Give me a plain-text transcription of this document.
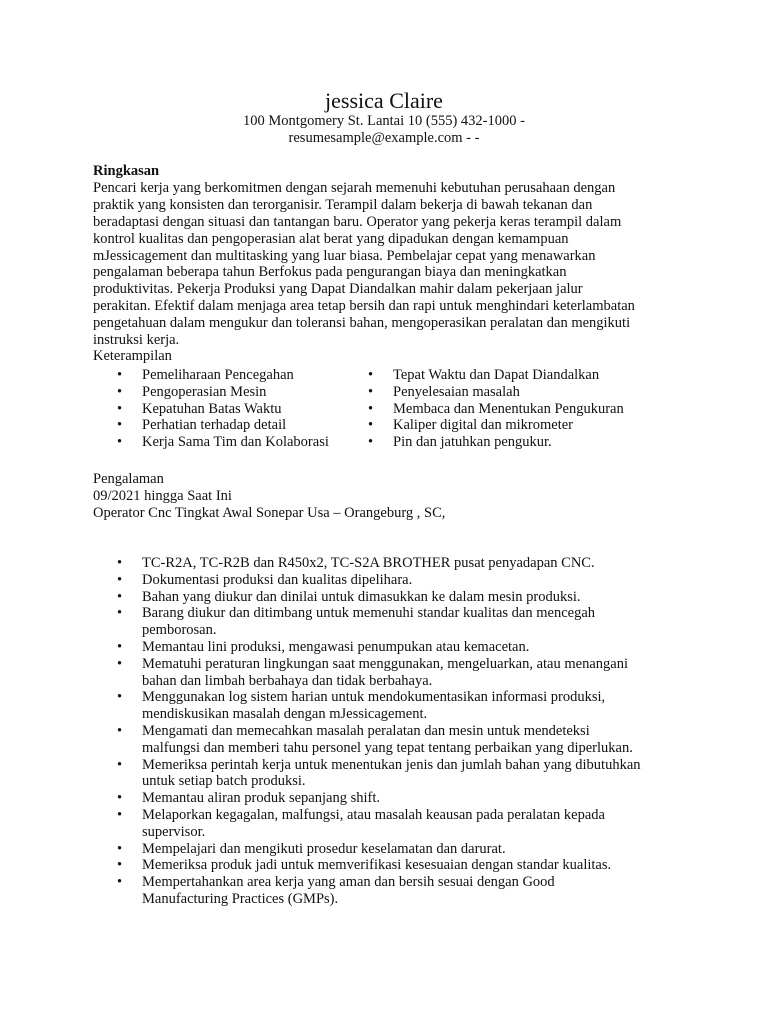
jessica Claire
100 Montgomery St. Lantai 10 (555) 432-1000 -
resumesample@example.com - -
Ringkasan
Pencari kerja yang berkomitmen dengan sejarah memenuhi kebutuhan perusahaan dengan
praktik yang konsisten dan terorganisir. Terampil dalam bekerja di bawah tekanan dan
beradaptasi dengan situasi dan tantangan baru. Operator yang pekerja keras terampil dalam
kontrol kualitas dan pengoperasian alat berat yang dipadukan dengan kemampuan
mJessicagement dan multitasking yang luar biasa. Pembelajar cepat yang menawarkan
pengalaman beberapa tahun Berfokus pada pengurangan biaya dan meningkatkan
produktivitas. Pekerja Produksi yang Dapat Diandalkan mahir dalam pekerjaan jalur
perakitan. Efektif dalam menjaga area tetap bersih dan rapi untuk menghindari keterlambatan
pengetahuan dalam mengukur dan toleransi bahan, mengoperasikan peralatan dan mengikuti
instruksi kerja.
Keterampilan
• Pemeliharaan Pencegahan
• Pengoperasian Mesin
• Kepatuhan Batas Waktu
• Perhatian terhadap detail
• Kerja Sama Tim dan Kolaborasi
• Tepat Waktu dan Dapat Diandalkan
• Penyelesaian masalah
• Membaca dan Menentukan Pengukuran
• Kaliper digital dan mikrometer
• Pin dan jatuhkan pengukur.
Pengalaman
09/2021 hingga Saat Ini
Operator Cnc Tingkat Awal Sonepar Usa – Orangeburg , SC,
• TC-R2A, TC-R2B dan R450x2, TC-S2A BROTHER pusat penyadapan CNC.
• Dokumentasi produksi dan kualitas dipelihara.
• Bahan yang diukur dan dinilai untuk dimasukkan ke dalam mesin produksi.
• Barang diukur dan ditimbang untuk memenuhi standar kualitas dan mencegah
pemborosan.
• Memantau lini produksi, mengawasi penumpukan atau kemacetan.
• Mematuhi peraturan lingkungan saat menggunakan, mengeluarkan, atau menangani
bahan dan limbah berbahaya dan tidak berbahaya.
• Menggunakan log sistem harian untuk mendokumentasikan informasi produksi,
mendiskusikan masalah dengan mJessicagement.
• Mengamati dan memecahkan masalah peralatan dan mesin untuk mendeteksi
malfungsi dan memberi tahu personel yang tepat tentang perbaikan yang diperlukan.
• Memeriksa perintah kerja untuk menentukan jenis dan jumlah bahan yang dibutuhkan
untuk setiap batch produksi.
• Memantau aliran produk sepanjang shift.
• Melaporkan kegagalan, malfungsi, atau masalah keausan pada peralatan kepada
supervisor.
• Mempelajari dan mengikuti prosedur keselamatan dan darurat.
• Memeriksa produk jadi untuk memverifikasi kesesuaian dengan standar kualitas.
• Mempertahankan area kerja yang aman dan bersih sesuai dengan Good
Manufacturing Practices (GMPs).
